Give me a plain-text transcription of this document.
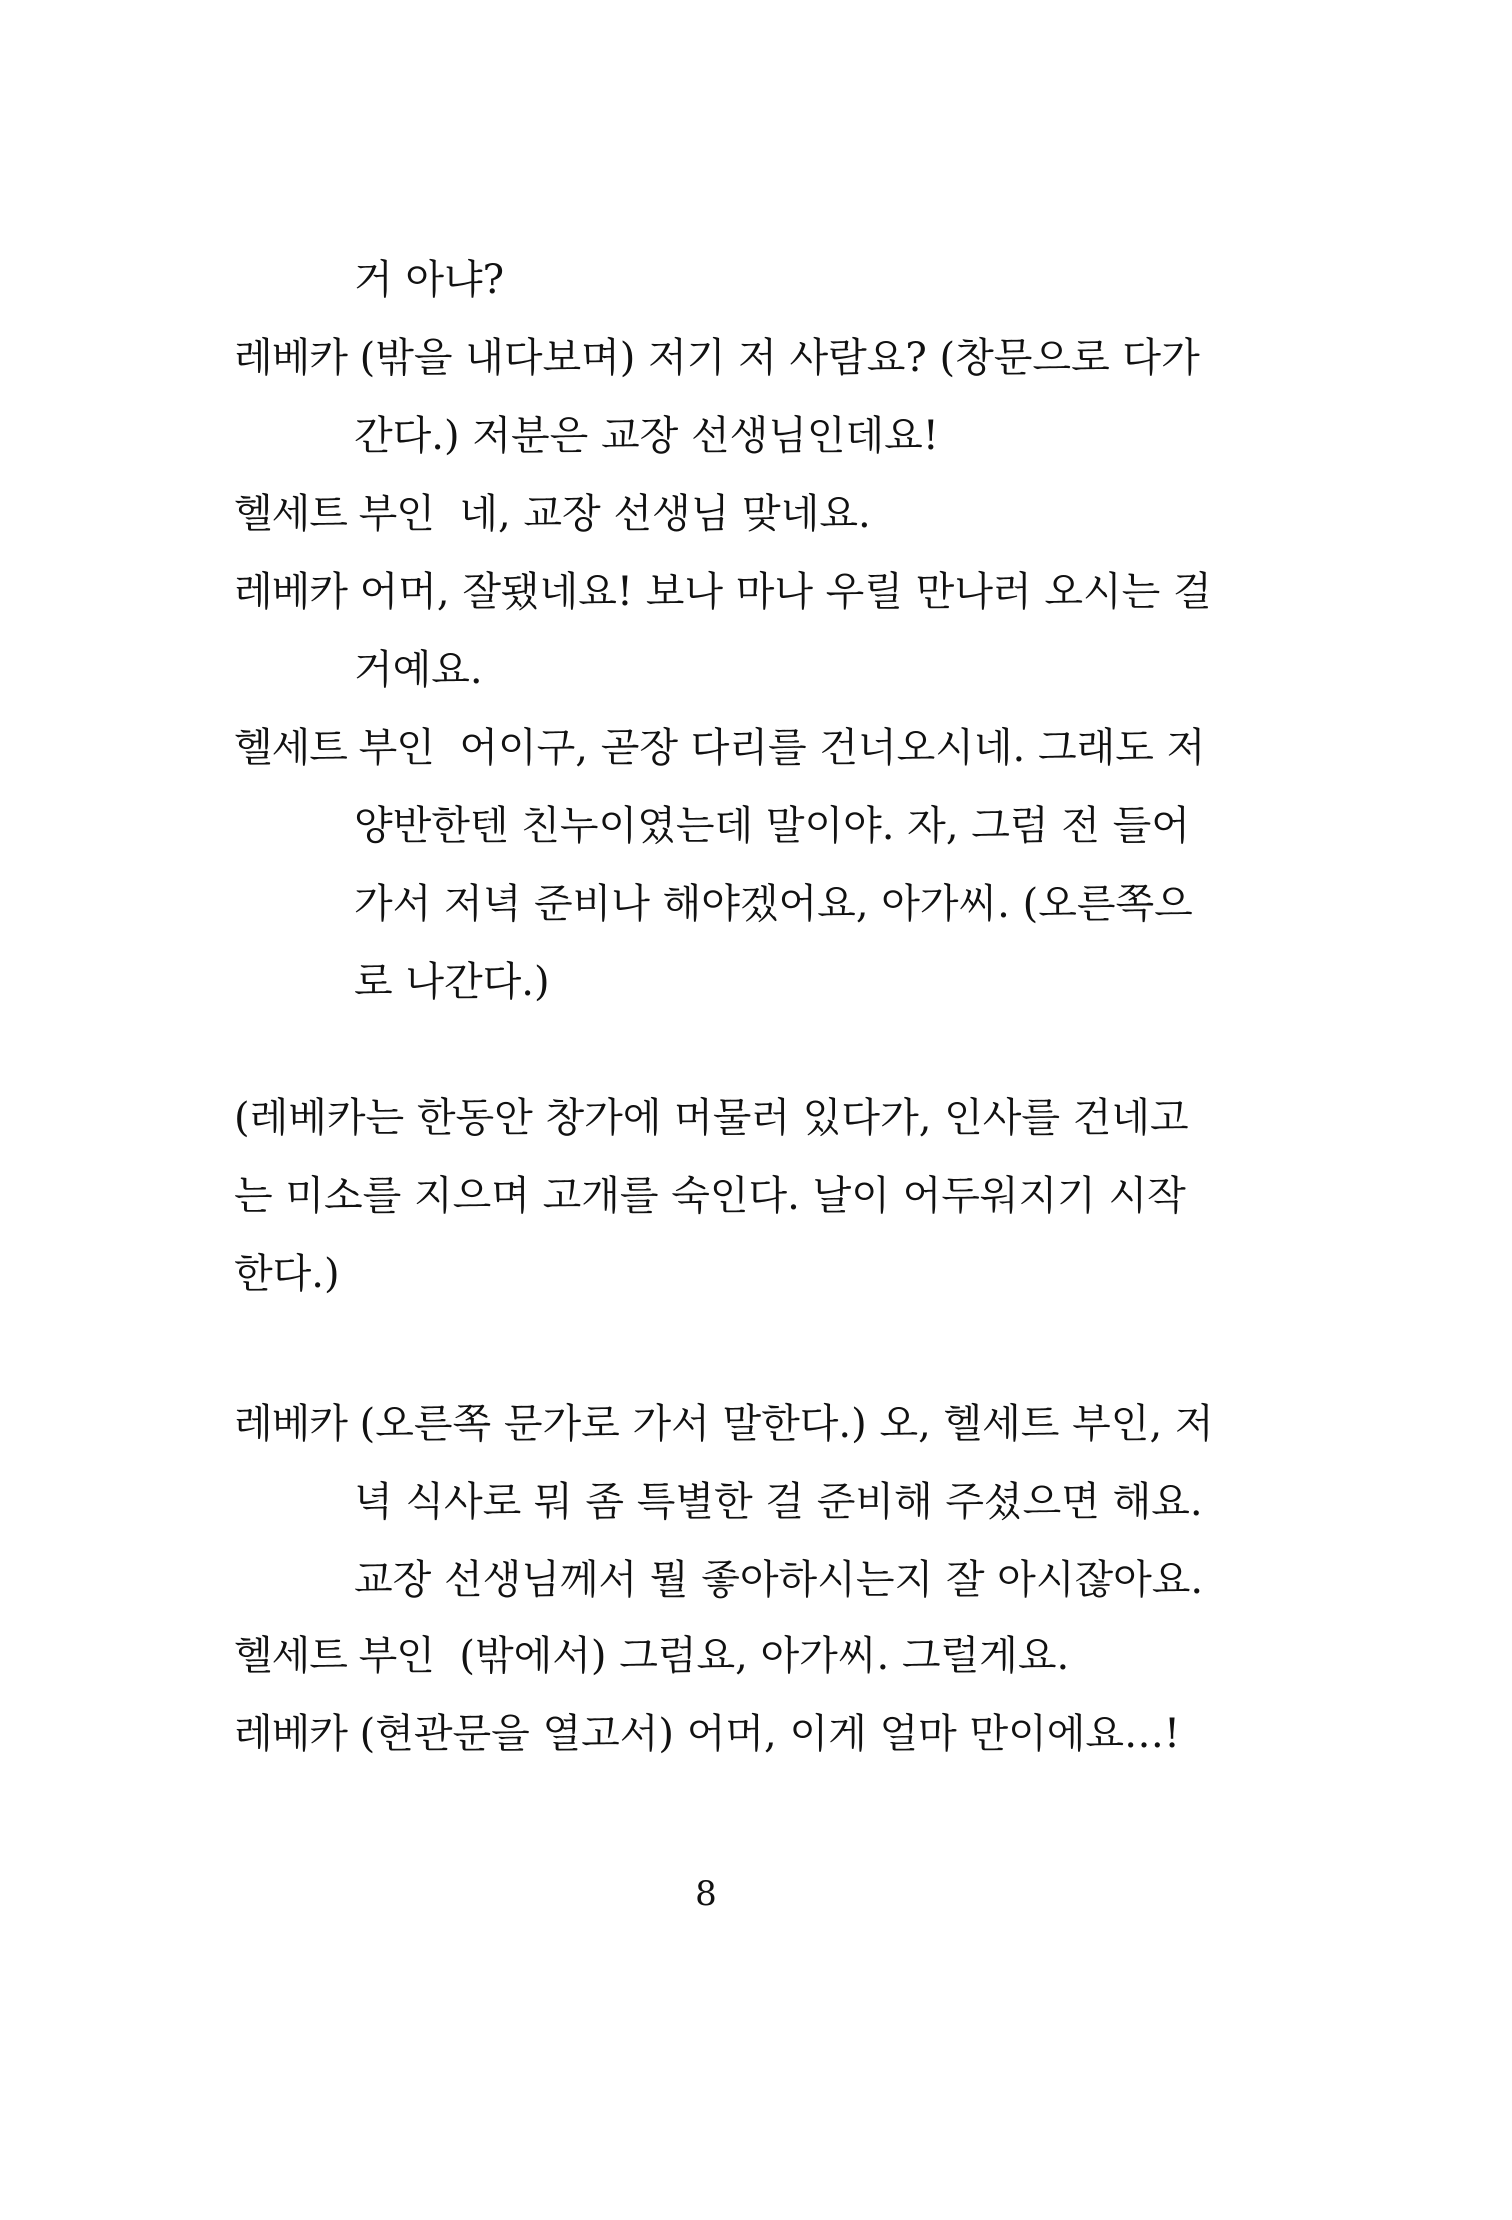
거 아냐?
레베카 (밖을 내다보며) 저기 저 사람요? (창문으로 다가
간다.) 저분은 교장 선생님인데요!
헬세트 부인  네, 교장 선생님 맞네요.
레베카 어머, 잘됐네요! 보나 마나 우릴 만나러 오시는 걸
거예요.
헬세트 부인  어이구, 곧장 다리를 건너오시네. 그래도 저
양반한텐 친누이였는데 말이야. 자, 그럼 전 들어
가서 저녁 준비나 해야겠어요, 아가씨. (오른쪽으
로 나간다.)
(레베카는 한동안 창가에 머물러 있다가, 인사를 건네고
는 미소를 지으며 고개를 숙인다. 날이 어두워지기 시작
한다.)
레베카 (오른쪽 문가로 가서 말한다.) 오, 헬세트 부인, 저
녁 식사로 뭐 좀 특별한 걸 준비해 주셨으면 해요.
교장 선생님께서 뭘 좋아하시는지 잘 아시잖아요.
헬세트 부인  (밖에서) 그럼요, 아가씨. 그럴게요.
레베카 (현관문을 열고서) 어머, 이게 얼마 만이에요…!
8
